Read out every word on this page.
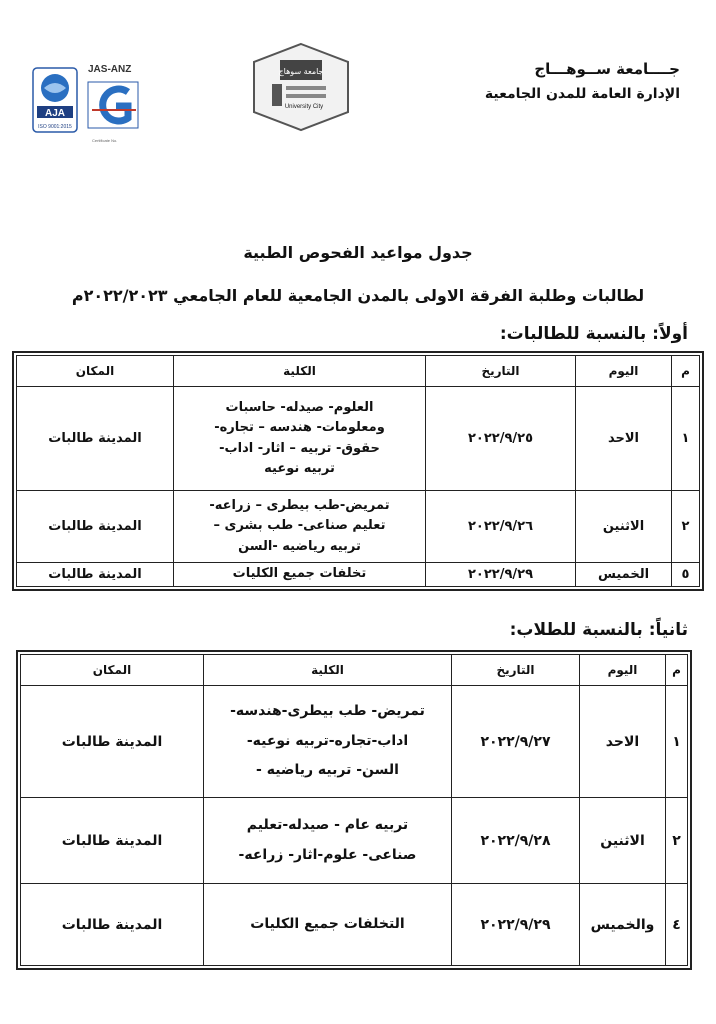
AJA
ISO 9001:2015
JAS-ANZ
Certificate No.
جامعة سوهاج
University City
جــــامعة ســوهـــاج
الإدارة العامة للمدن الجامعية
جدول مواعيد الفحوص الطبية
لطالبات وطلبة الفرقة الاولى بالمدن الجامعية للعام الجامعي ٢٠٢٢/٢٠٢٣م
أولاً: بالنسبة للطالبات:
م	اليوم	التاريخ	الكلية	المكان
١	الاحد	٢٠٢٢/٩/٢٥	العلوم- صيدله- حاسبات
ومعلومات- هندسه – تجاره-
حقوق- تربيه – اثار- اداب-
تربيه نوعيه	المدينة طالبات
٢	الاثنين	٢٠٢٢/٩/٢٦	تمريض-طب بيطرى – زراعه-
تعليم صناعى- طب بشرى –
تربيه رياضيه -السن	المدينة طالبات
٥	الخميس	٢٠٢٢/٩/٢٩	تخلفات جميع الكليات	المدينة طالبات
ثانياً: بالنسبة للطلاب:
م	اليوم	التاريخ	الكلية	المكان
١	الاحد	٢٠٢٢/٩/٢٧	تمريض- طب بيطرى-هندسه-
اداب-تجاره-تربيه نوعيه-
السن- تربيه رياضيه -	المدينة طالبات
٢	الاثنين	٢٠٢٢/٩/٢٨	تربيه عام - صيدله-تعليم
صناعى- علوم-اثار- زراعه-	المدينة طالبات
٤	والخميس	٢٠٢٢/٩/٢٩	التخلفات جميع الكليات	المدينة طالبات
